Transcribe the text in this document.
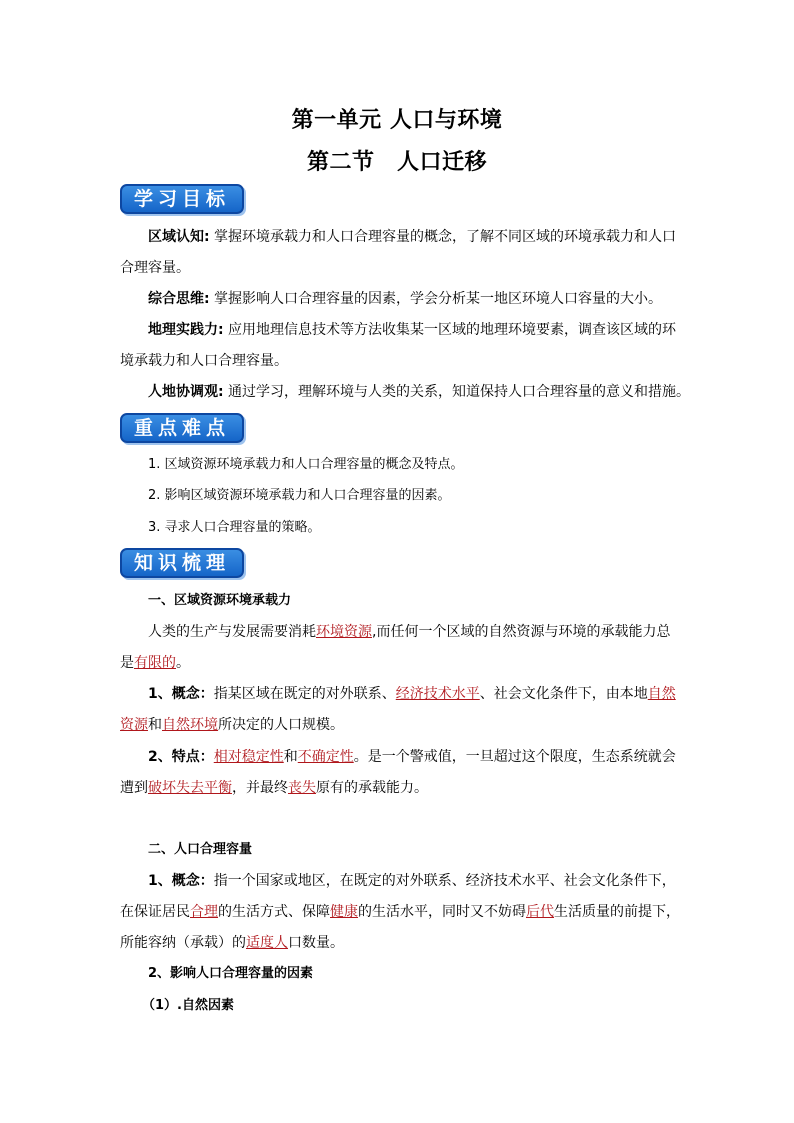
第一单元 人口与环境
第二节　人口迁移
学习目标
区域认知: 掌握环境承载力和人口合理容量的概念，了解不同区域的环境承载力和人口
合理容量。
综合思维: 掌握影响人口合理容量的因素，学会分析某一地区环境人口容量的大小。
地理实践力: 应用地理信息技术等方法收集某一区域的地理环境要素，调查该区域的环
境承载力和人口合理容量。
人地协调观: 通过学习，理解环境与人类的关系，知道保持人口合理容量的意义和措施。
重点难点
1. 区域资源环境承载力和人口合理容量的概念及特点。
2. 影响区域资源环境承载力和人口合理容量的因素。
3. 寻求人口合理容量的策略。
知识梳理
一、区域资源环境承载力
人类的生产与发展需要消耗环境资源,而任何一个区域的自然资源与环境的承载能力总
是有限的。
1、概念：指某区域在既定的对外联系、经济技术水平、社会文化条件下，由本地自然
资源和自然环境所决定的人口规模。
2、特点：相对稳定性和不确定性。是一个警戒值，一旦超过这个限度，生态系统就会
遭到破坏失去平衡，并最终丧失原有的承载能力。
二、人口合理容量
1、概念：指一个国家或地区，在既定的对外联系、经济技术水平、社会文化条件下，
在保证居民合理的生活方式、保障健康的生活水平，同时又不妨碍后代生活质量的前提下，
所能容纳（承载）的适度人口数量。
2、影响人口合理容量的因素
（1）.自然因素
